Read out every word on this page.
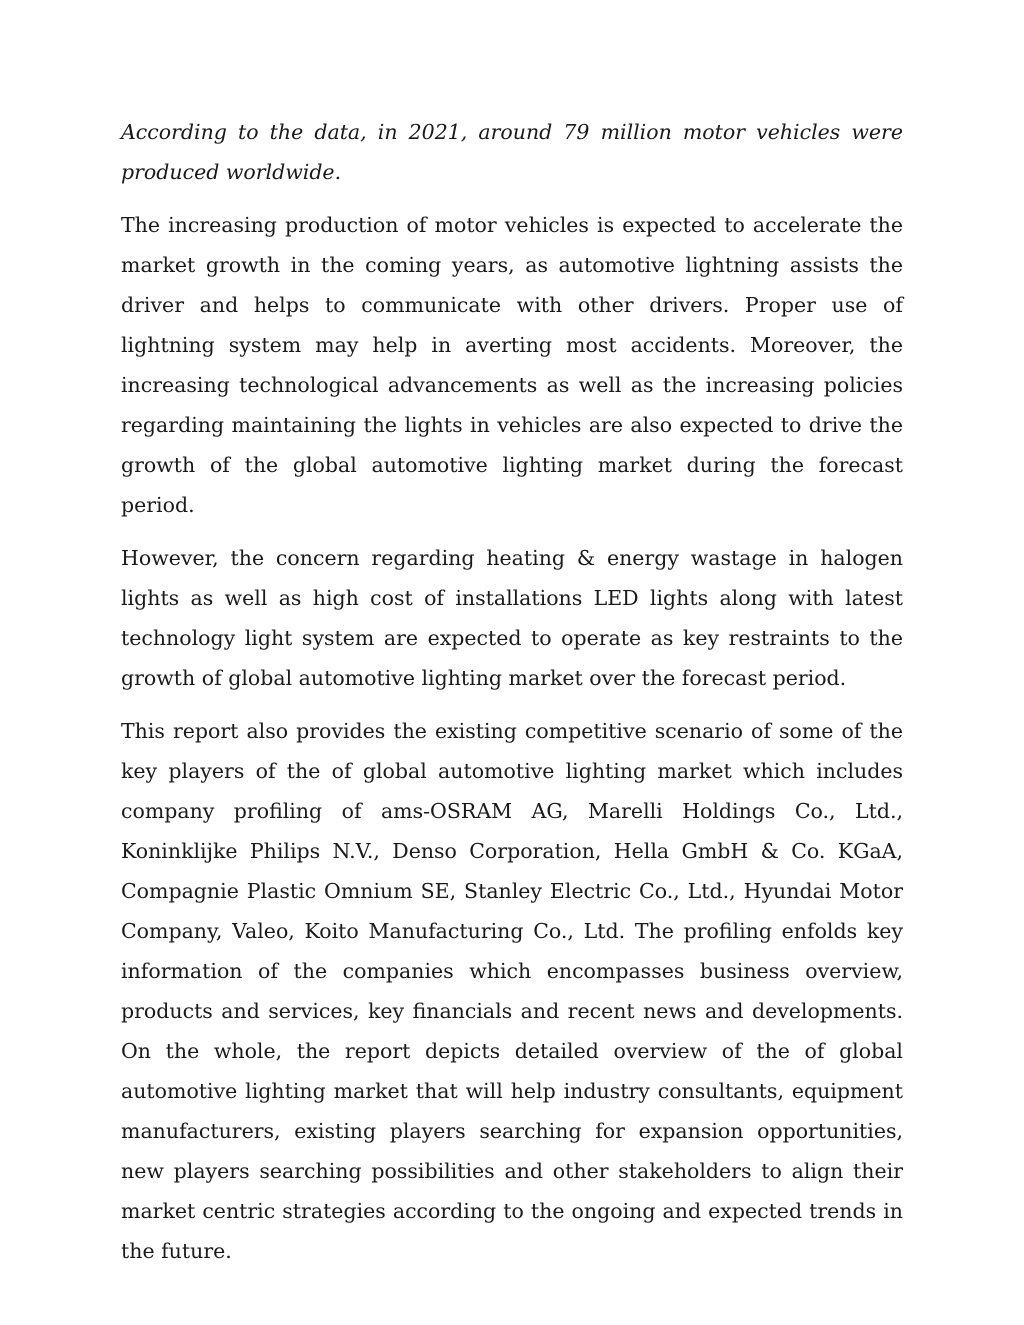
According to the data, in 2021, around 79 million motor vehicles were produced worldwide.

The increasing production of motor vehicles is expected to accelerate the market growth in the coming years, as automotive lightning assists the driver and helps to communicate with other drivers. Proper use of lightning system may help in averting most accidents. Moreover, the increasing technological advancements as well as the increasing policies regarding maintaining the lights in vehicles are also expected to drive the growth of the global automotive lighting market during the forecast period.

However, the concern regarding heating & energy wastage in halogen lights as well as high cost of installations LED lights along with latest technology light system are expected to operate as key restraints to the growth of global automotive lighting market over the forecast period.

This report also provides the existing competitive scenario of some of the key players of the of global automotive lighting market which includes company profiling of ams-OSRAM AG, Marelli Holdings Co., Ltd., Koninklijke Philips N.V., Denso Corporation, Hella GmbH & Co. KGaA, Compagnie Plastic Omnium SE, Stanley Electric Co., Ltd., Hyundai Motor Company, Valeo, Koito Manufacturing Co., Ltd. The profiling enfolds key information of the companies which encompasses business overview, products and services, key financials and recent news and developments. On the whole, the report depicts detailed overview of the of global automotive lighting market that will help industry consultants, equipment manufacturers, existing players searching for expansion opportunities, new players searching possibilities and other stakeholders to align their market centric strategies according to the ongoing and expected trends in the future.
